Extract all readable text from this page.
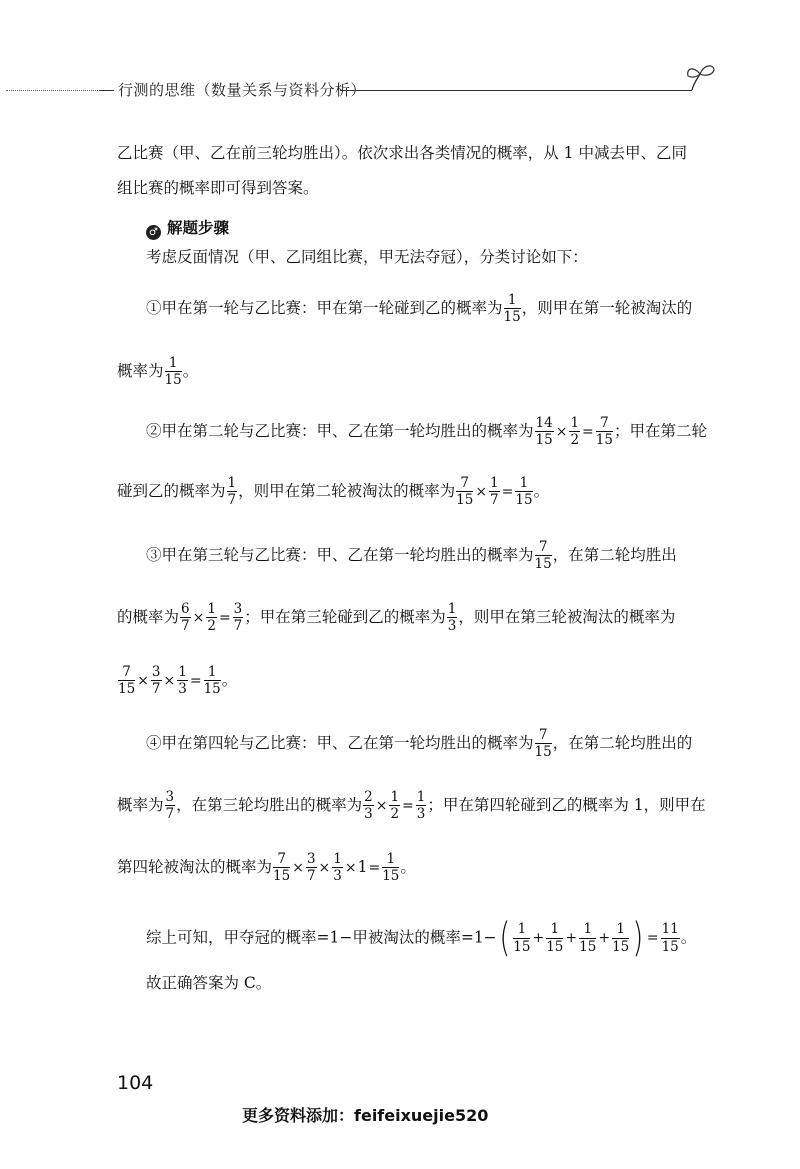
行测的思维（数量关系与资料分析）
乙比赛（甲、乙在前三轮均胜出）。依次求出各类情况的概率，从 1 中减去甲、乙同
组比赛的概率即可得到答案。
♂ 解题步骤
考虑反面情况（甲、乙同组比赛，甲无法夺冠），分类讨论如下：
①甲在第一轮与乙比赛：甲在第一轮碰到乙的概率为 $\frac{1}{15}$ ，则甲在第一轮被淘汰的
概率为 $\frac{1}{15}$ 。
②甲在第二轮与乙比赛：甲、乙在第一轮均胜出的概率为 $\frac{14}{15} \times \frac{1}{2} = \frac{7}{15}$ ；甲在第二轮
碰到乙的概率为 $\frac{1}{7}$ ，则甲在第二轮被淘汰的概率为 $\frac{7}{15} \times \frac{1}{7} = \frac{1}{15}$ 。
③甲在第三轮与乙比赛：甲、乙在第一轮均胜出的概率为 $\frac{7}{15}$ ，在第二轮均胜出
的概率为 $\frac{6}{7} \times \frac{1}{2} = \frac{3}{7}$ ；甲在第三轮碰到乙的概率为 $\frac{1}{3}$ ，则甲在第三轮被淘汰的概率为
$\frac{7}{15} \times \frac{3}{7} \times \frac{1}{3} = \frac{1}{15}$ 。
④甲在第四轮与乙比赛：甲、乙在第一轮均胜出的概率为 $\frac{7}{15}$ ，在第二轮均胜出的
概率为 $\frac{3}{7}$ ，在第三轮均胜出的概率为 $\frac{2}{3} \times \frac{1}{2} = \frac{1}{3}$ ；甲在第四轮碰到乙的概率为 1，则甲在
第四轮被淘汰的概率为 $\frac{7}{15} \times \frac{3}{7} \times \frac{1}{3} \times 1= \frac{1}{15}$ 。
综上可知，甲夺冠的概率=1−甲被淘汰的概率$=1-( \frac{1}{15} + \frac{1}{15} + \frac{1}{15} + \frac{1}{15}$ ) = $\frac{11}{15}$ 。
故正确答案为 C。
104
更多资料添加：feifeixuejie520
